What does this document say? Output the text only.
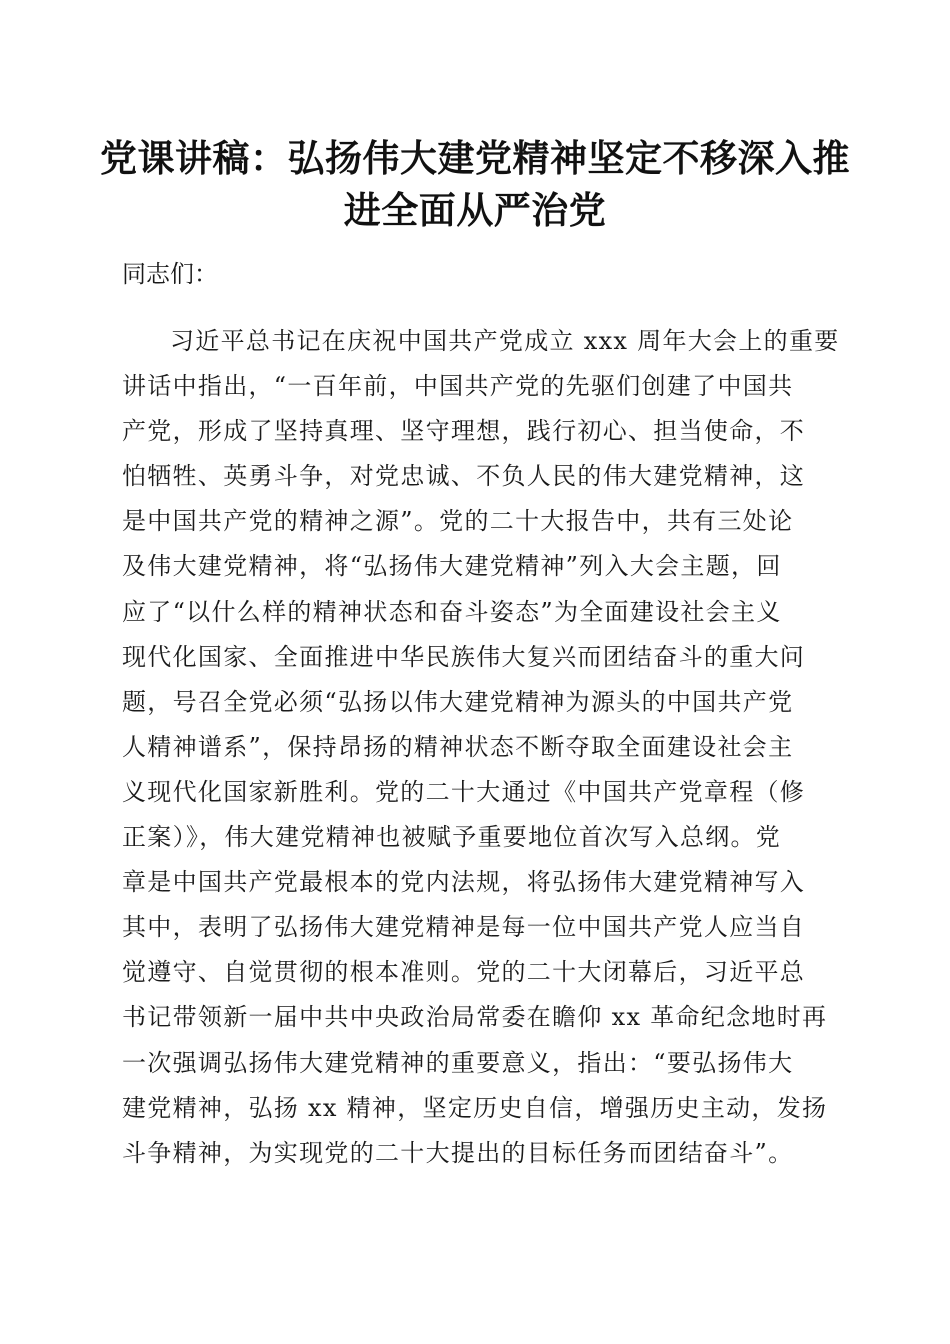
党课讲稿：弘扬伟大建党精神坚定不移深入推进全面从严治党

同志们：

习近平总书记在庆祝中国共产党成立 xxx 周年大会上的重要
讲话中指出，“一百年前，中国共产党的先驱们创建了中国共
产党，形成了坚持真理、坚守理想，践行初心、担当使命，不
怕牺牲、英勇斗争，对党忠诚、不负人民的伟大建党精神，这
是中国共产党的精神之源”。党的二十大报告中，共有三处论
及伟大建党精神，将“弘扬伟大建党精神”列入大会主题，回
应了“以什么样的精神状态和奋斗姿态”为全面建设社会主义
现代化国家、全面推进中华民族伟大复兴而团结奋斗的重大问
题，号召全党必须“弘扬以伟大建党精神为源头的中国共产党
人精神谱系”，保持昂扬的精神状态不断夺取全面建设社会主
义现代化国家新胜利。党的二十大通过《中国共产党章程（修
正案）》，伟大建党精神也被赋予重要地位首次写入总纲。党
章是中国共产党最根本的党内法规，将弘扬伟大建党精神写入
其中，表明了弘扬伟大建党精神是每一位中国共产党人应当自
觉遵守、自觉贯彻的根本准则。党的二十大闭幕后，习近平总
书记带领新一届中共中央政治局常委在瞻仰 xx 革命纪念地时再
一次强调弘扬伟大建党精神的重要意义，指出：“要弘扬伟大
建党精神，弘扬 xx 精神，坚定历史自信，增强历史主动，发扬
斗争精神，为实现党的二十大提出的目标任务而团结奋斗”。
